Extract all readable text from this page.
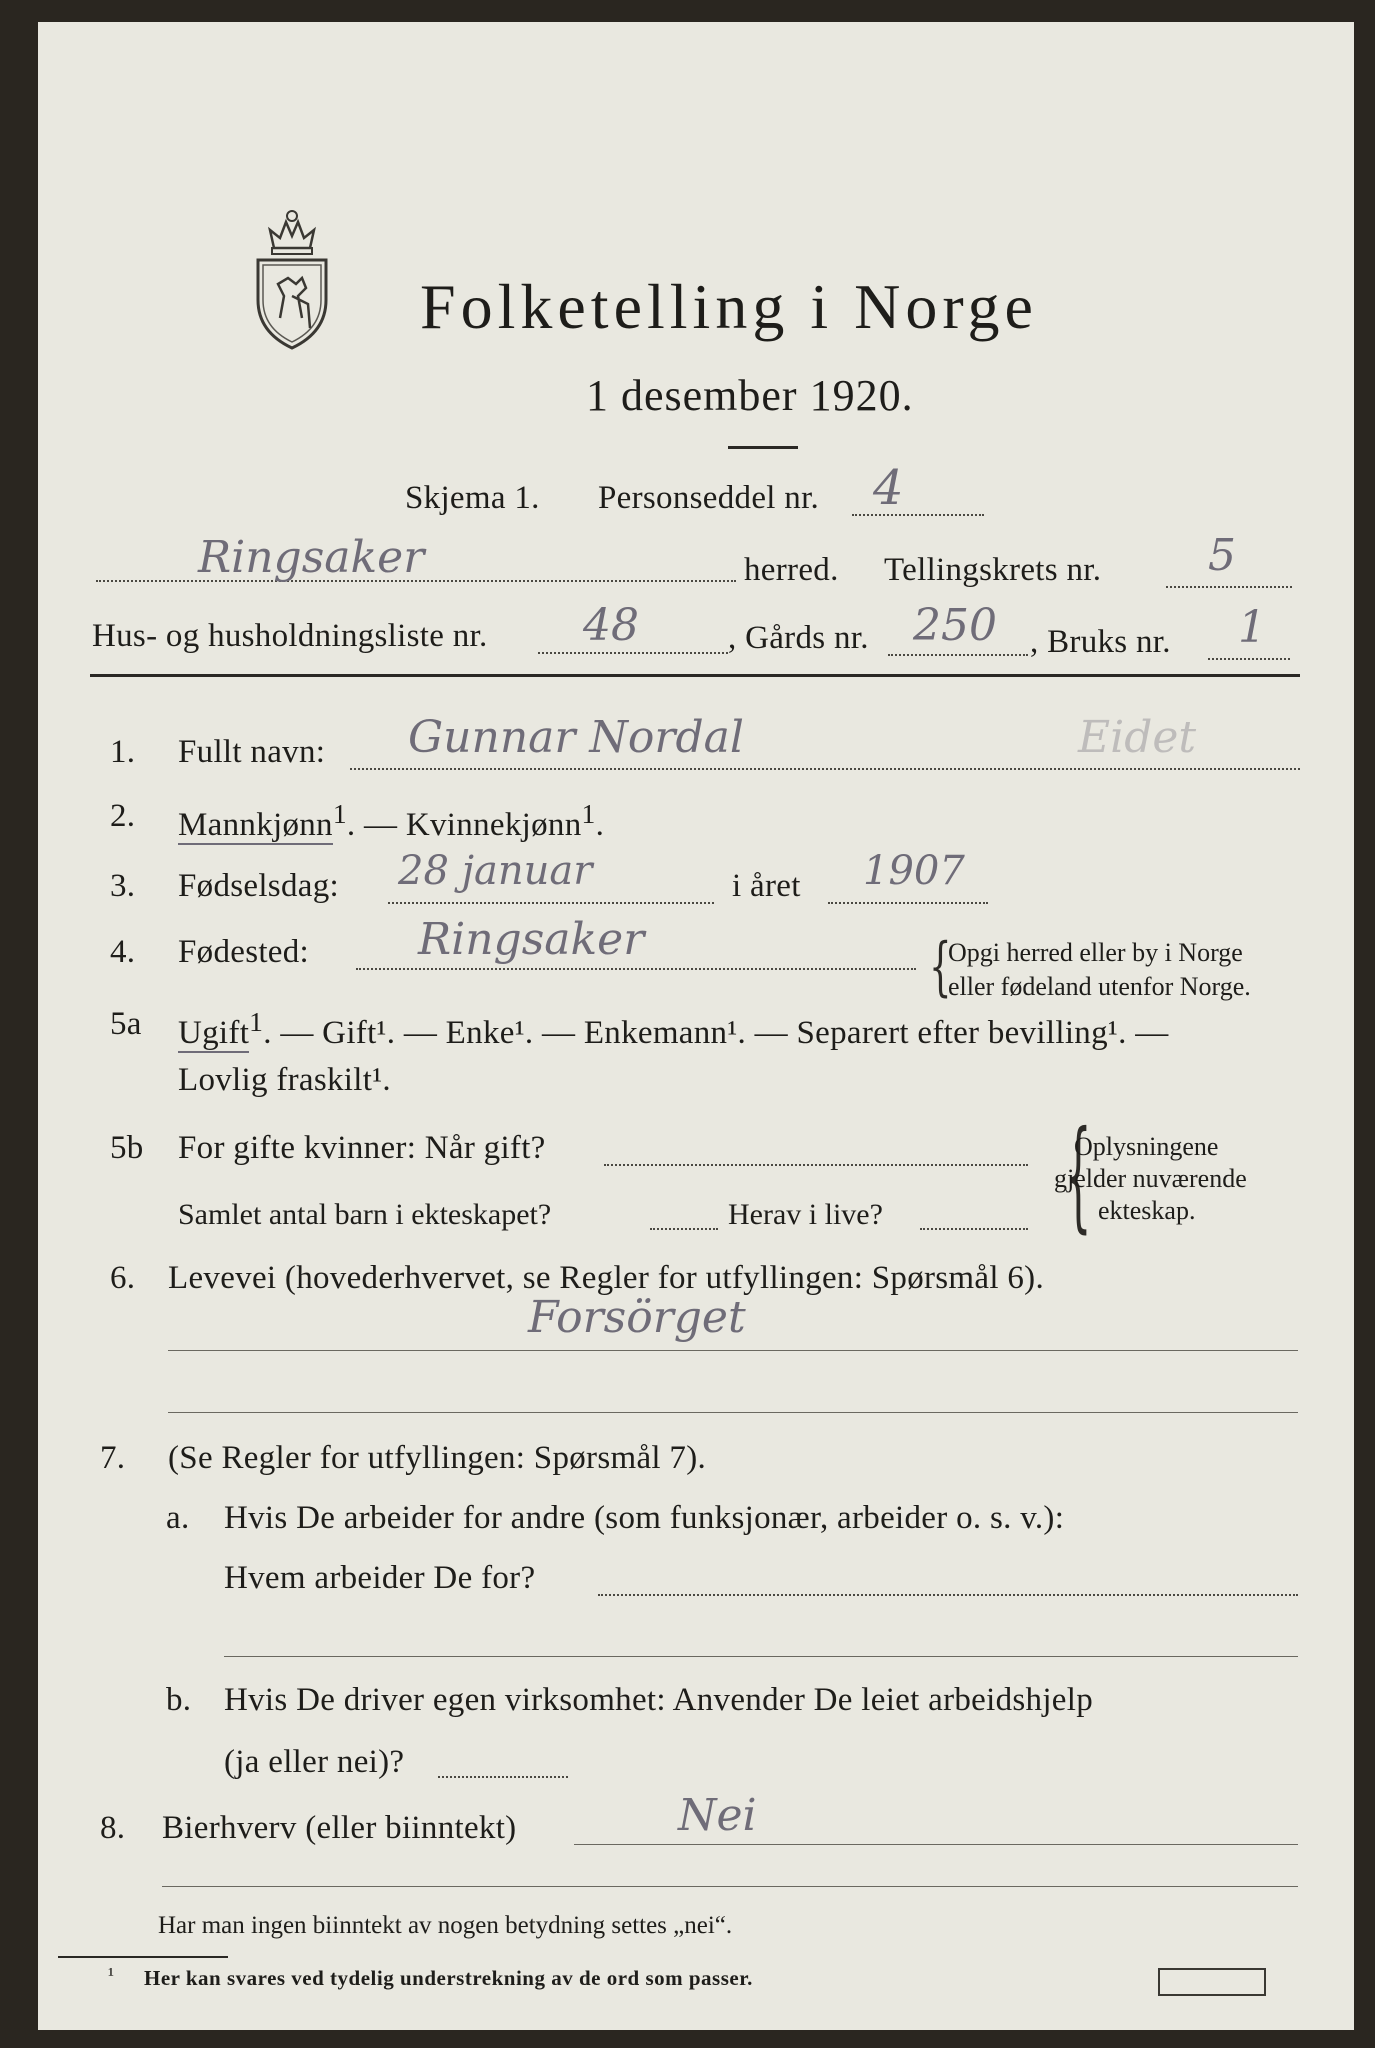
Folketelling i Norge
1 desember 1920.
Skjema 1. Personseddel nr. 4
Ringsaker	herred. Tellingskrets nr. 5
Hus- og husholdningsliste nr. 48	, Gårds nr. 250 , Bruks nr. 1
1. Fullt navn: Gunnar Nordal	Eidet
2. Mannkjønn$^1$. — Kvinnekjønn$^1$.
3. Fødselsdag: 28 januar	i året 1907
4. Fødested: Ringsaker	{
Opgi herred eller by i Norge
eller fødeland utenfor Norge.
5a Ugift$^1$. — Gift¹. — Enke¹. — Enkemann¹. — Separert efter bevilling¹. —
Lovlig fraskilt¹.
5b For gifte kvinner: Når gift?
Samlet antal barn i ekteskapet?	Herav i live? {
Oplysningene
gjelder nuværende
ekteskap.
6. Levevei (hovederhvervet, se Regler for utfyllingen: Spørsmål 6).
Forsörget
7. (Se Regler for utfyllingen: Spørsmål 7).
a. Hvis De arbeider for andre (som funksjonær, arbeider o. s. v.):
Hvem arbeider De for?
b. Hvis De driver egen virksomhet: Anvender De leiet arbeidshjelp
(ja eller nei)?
8. Bierhverv (eller biinntekt)	Nei
Har man ingen biinntekt av nogen betydning settes „nei“.
¹ Her kan svares ved tydelig understrekning av de ord som passer.
